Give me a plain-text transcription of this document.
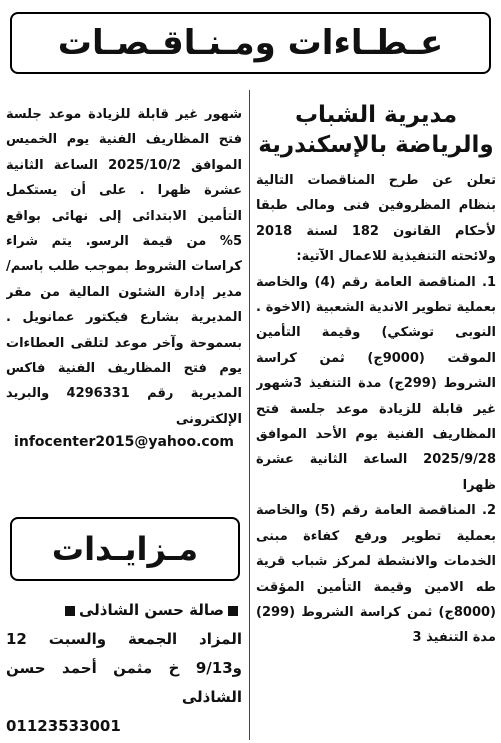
عـطـاءات ومـنـاقـصـات
مديرية الشباب
والرياضة بالإسكندرية

تعلن عن طرح المناقصات التالية بنظام المظروفين فنى ومالى طبقا لأحكام القانون 182 لسنة 2018 ولائحته التنفيذية للاعمال الآتية:

1. المناقصة العامة رقم (4) والخاصة بعملية تطوير الاندية الشعبية (الاخوة . النوبى توشكي) وقيمة التأمين الموقت (9000ج) ثمن كراسة الشروط (299ج) مدة التنفيذ 3شهور غير قابلة للزيادة موعد جلسة فتح المظاريف الفنية يوم الأحد الموافق 2025/9/28 الساعة الثانية عشرة ظهرا

2. المناقصة العامة رقم (5) والخاصة بعملية تطوير ورفع كفاءة مبنى الخدمات والانشطة لمركز شباب قرية طه الامين وقيمة التأمين المؤقت (8000ج) ثمن كراسة الشروط (299) مدة التنفيذ 3

شهور غير قابلة للزيادة موعد جلسة فتح المظاريف الفنية يوم الخميس الموافق 2025/10/2 الساعة الثانية عشرة ظهرا . على أن يستكمل التأمين الابتدائى إلى نهائى بواقع 5% من قيمة الرسو. يتم شراء كراسات الشروط بموجب طلب باسم/ مدير إدارة الشئون المالية من مقر المديرية بشارع فيكتور عمانويل . بسموحة وآخر موعد لتلقى العطاءات يوم فتح المظاريف الفنية فاكس المديرية رقم 4296331 والبريد الإلكترونى

infocenter2015@yahoo.com

مـزايـدات
صالة حسن الشاذلى
المزاد الجمعة والسبت 12 و9/13 خ مثمن أحمد حسن الشاذلى
01123533001
